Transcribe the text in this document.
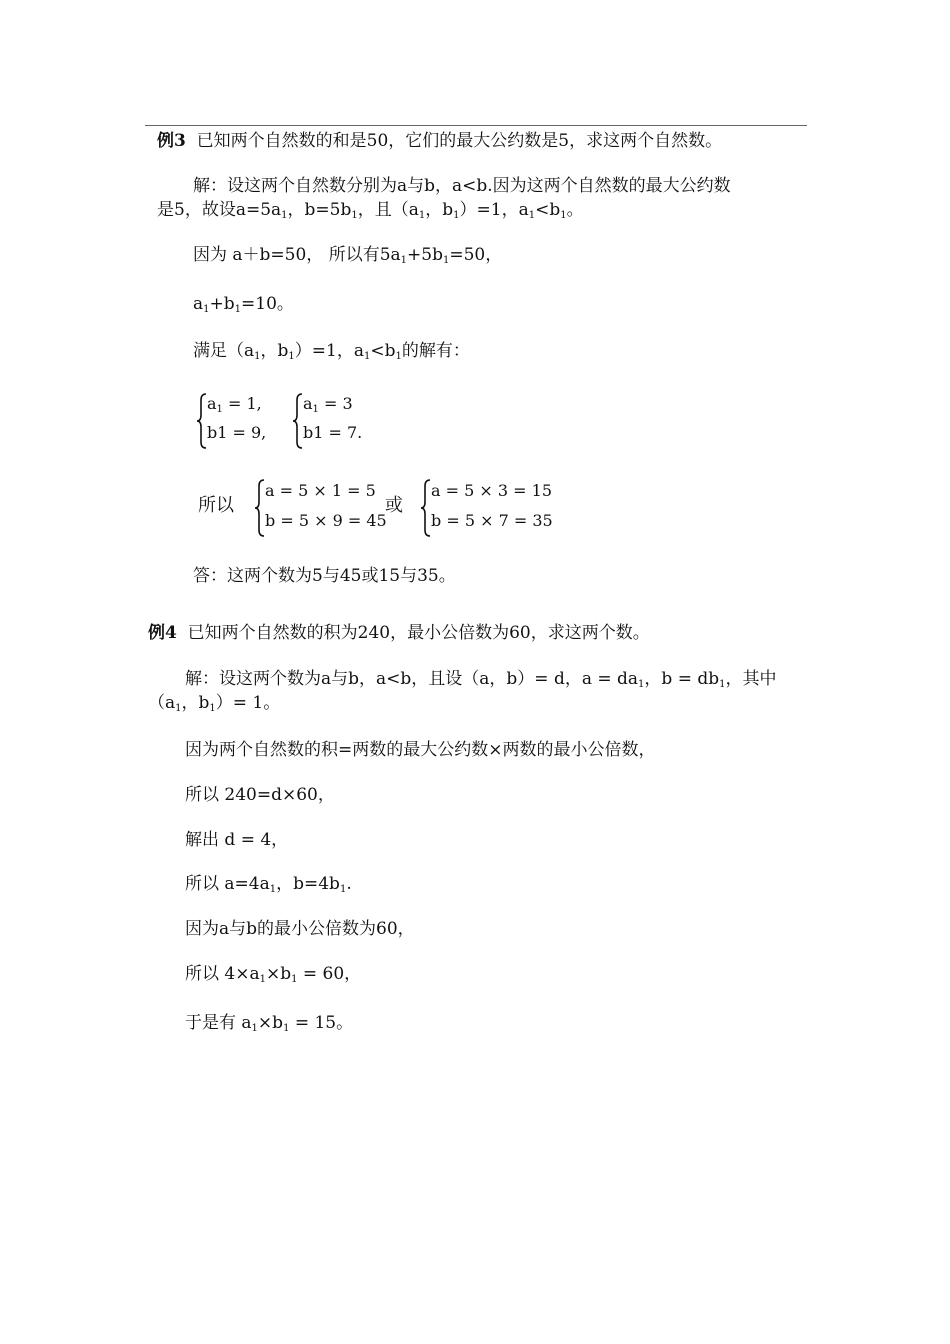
例3 已知两个自然数的和是50，它们的最大公约数是5，求这两个自然数。
解：设这两个自然数分别为a与b，a<b.因为这两个自然数的最大公约数
是5，故设$a=5a_1$，$b=5b_1$，且（$a_1$，$b_1)=1$，$a_1<b_1$。
因为 a＋b=50， 所以有$5a_1+5b_1=50$，
$a_1+b_1=10$。
满足（$a_1$，$b_1)=1$，$a_1<b_1$的解有：
$a_1 = 1$,
b1 = 9,
$a_1 = 3$
b1 = 7.
所以
a = 5 × 1 = 5
b = 5 × 9 = 45
或
a = 5 × 3 = 15
b = 5 × 7 = 35
答：这两个数为5与45或15与35。
例4 已知两个自然数的积为240，最小公倍数为60，求这两个数。
解：设这两个数为a与b，a<b，且设（a，b）= d，$a = da_1$，$b = db_1$，其中
（$a_1$，$b_1)= 1$。
因为两个自然数的积=两数的最大公约数×两数的最小公倍数，
所以 240=d×60，
解出 d = 4，
所以 $a=4a_1$，$b=4b_1$.
因为a与b的最小公倍数为60，
所以 $4\times a_1\times b_1 = 60$，
于是有 $a_1\times b_1 = 15$。
